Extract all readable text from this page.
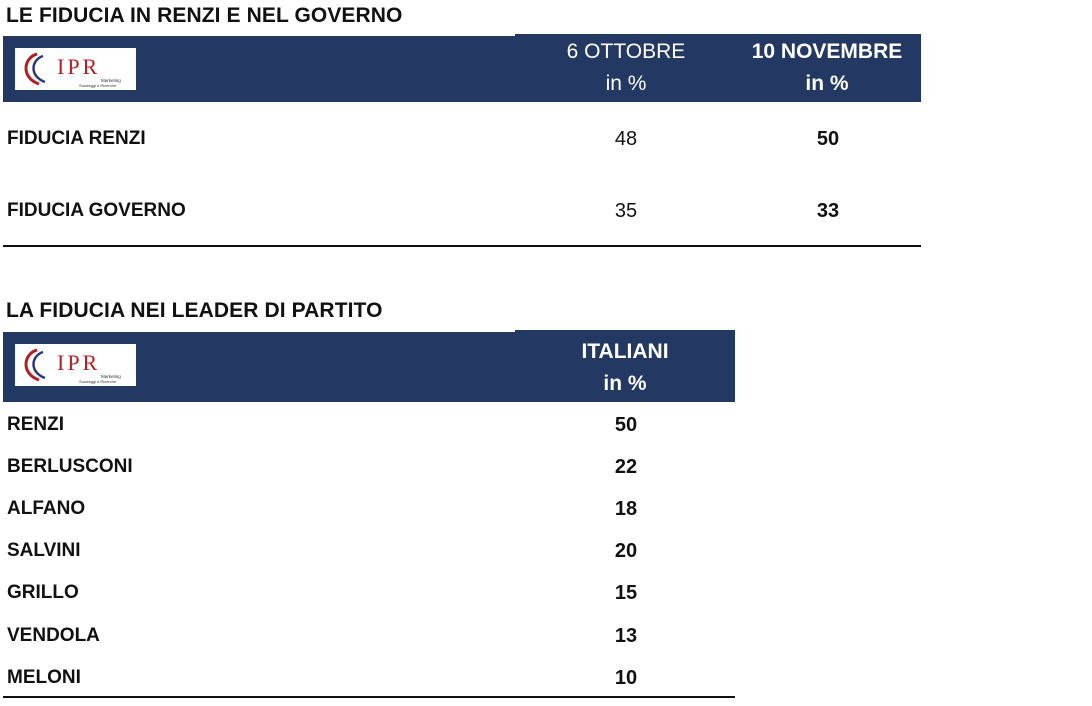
LE FIDUCIA IN RENZI E NEL GOVERNO
IPR
Marketing
Sondaggi e Ricerche
6 OTTOBRE
in %
10 NOVEMBRE
in %
FIDUCIA RENZI	48	50
FIDUCIA GOVERNO	35	33
LA FIDUCIA NEI LEADER DI PARTITO
IPR
Marketing
Sondaggi e Ricerche
ITALIANI
in %
RENZI	50
BERLUSCONI	22
ALFANO	18
SALVINI	20
GRILLO	15
VENDOLA	13
MELONI	10
